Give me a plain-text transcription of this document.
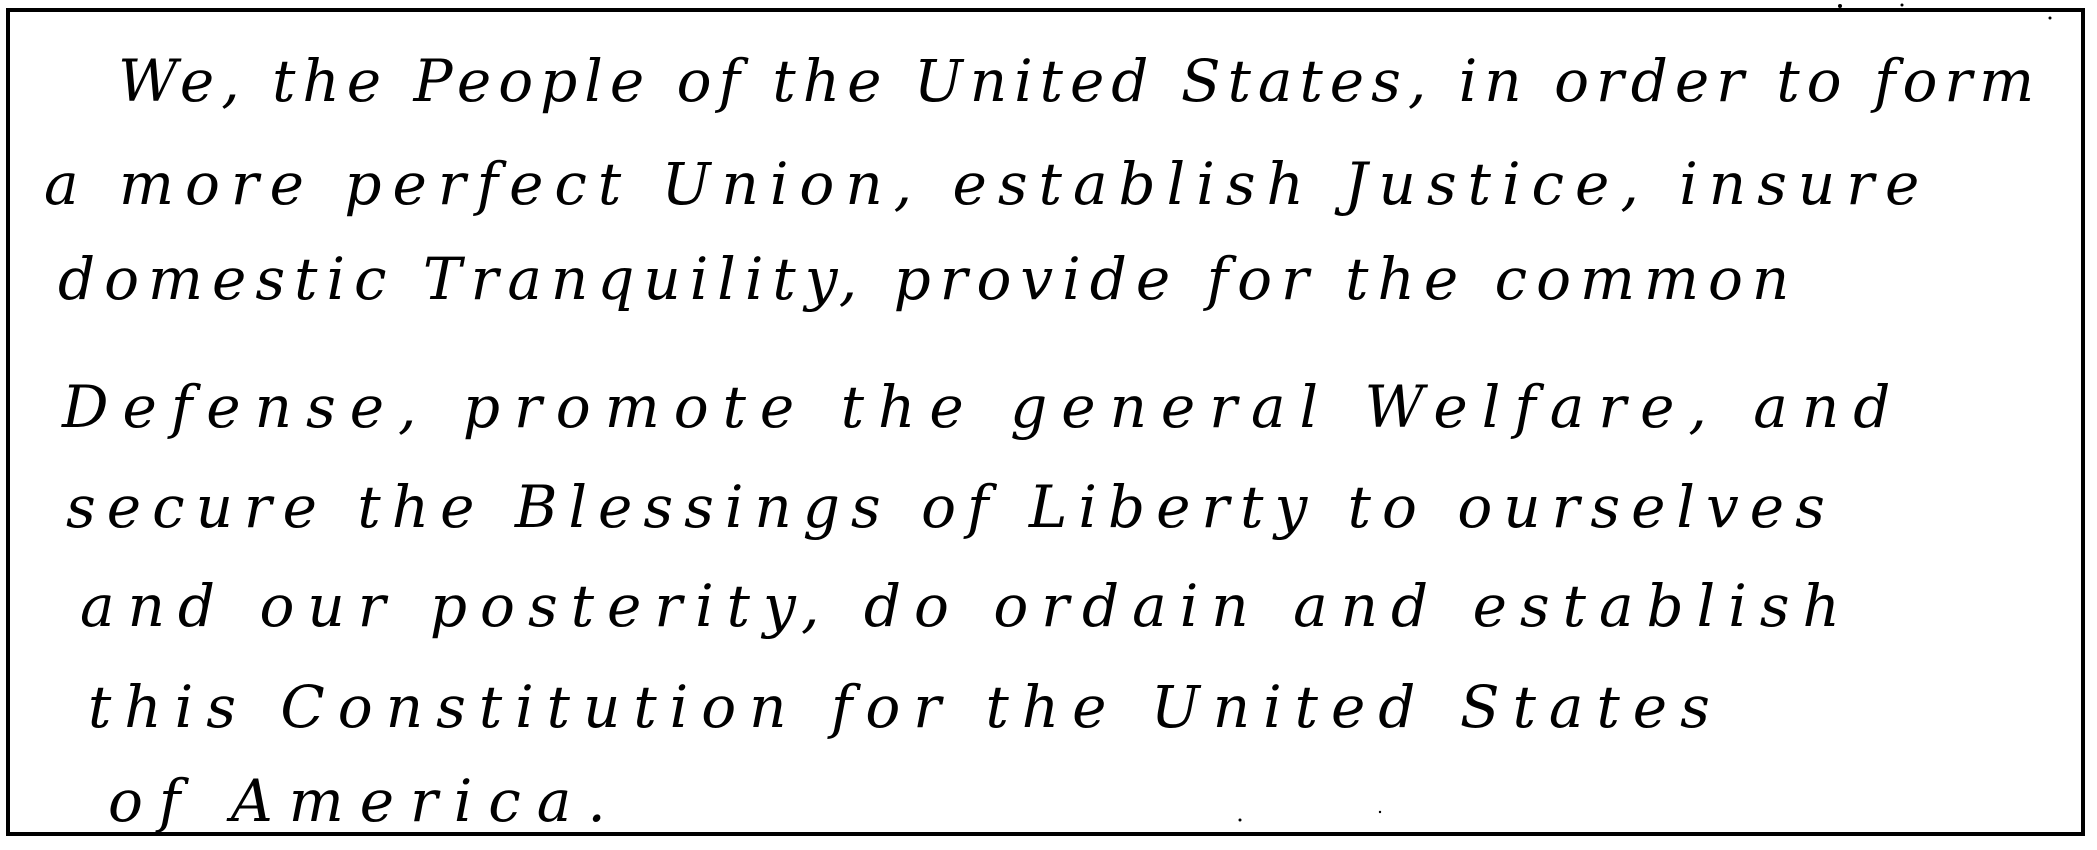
We, the People of the United States, in order to form
a more perfect Union, establish Justice, insure
domestic Tranquility, provide for the common
Defense, promote the general Welfare, and
secure the Blessings of Liberty to ourselves
and our posterity, do ordain and establish
this Constitution for the United States
of America.
